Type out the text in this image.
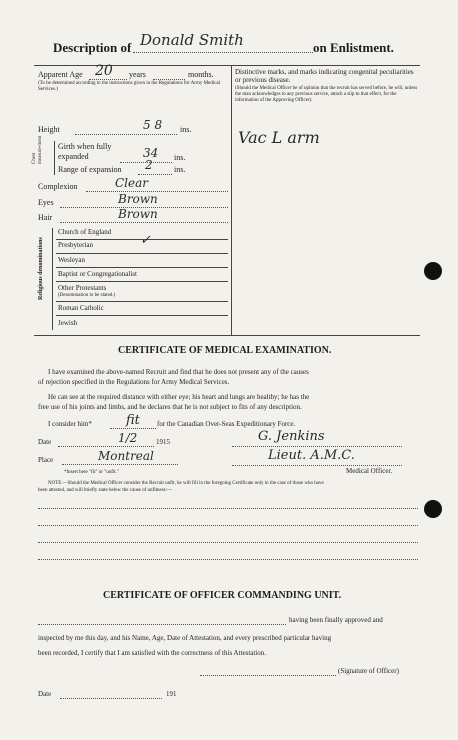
Description of Donald Smith	on Enlistment.
Apparent Age 20 years	months.
(To be determined according to the instructions given in the Regulations for Army Medical Services.)
Height	5 8 ins.
Chest measure-ment Girth when fully expanded	34 ins.
Range of expansion 2	ins.
Complexion	Clear
Eyes	Brown
Hair	Brown
Religious denominations
Church of England
Presbyterian	✓
Wesleyan
Baptist or Congregationalist
Other Protestants
(Denomination to be stated.)
Roman Catholic
Jewish
Distinctive marks, and marks indicating congenital peculiarities or previous disease.
(Should the Medical Officer be of opinion that the recruit has served before, he will, unless the man acknowledges to any previous service, attach a slip to that effect, for the information of the Approving Officer).
Vac L arm
CERTIFICATE OF MEDICAL EXAMINATION.
I have examined the above-named Recruit and find that he does not present any of the causes
of rejection specified in the Regulations for Army Medical Services.
He can see at the required distance with either eye; his heart and lungs are healthy; he has the
free use of his joints and limbs, and he declares that he is not subject to fits of any description.
I consider him*	fit for the Canadian Over-Seas Expeditionary Force.
Date	1/2	1915	G. Jenkins
Place	Montreal	Lieut. A.M.C.
Medical Officer.
*Insert here "fit" or "unfit."
NOTE.—Should the Medical Officer consider the Recruit unfit, he will fill in the foregoing Certificate only in the case of those who have
been attested, and will briefly state below the cause of unfitness:—
CERTIFICATE OF OFFICER COMMANDING UNIT.
having been finally approved and
inspected by me this day, and his Name, Age, Date of Attestation, and every prescribed particular having
been recorded, I certify that I am satisfied with the correctness of this Attestation.
(Signature of Officer)
Date	191
